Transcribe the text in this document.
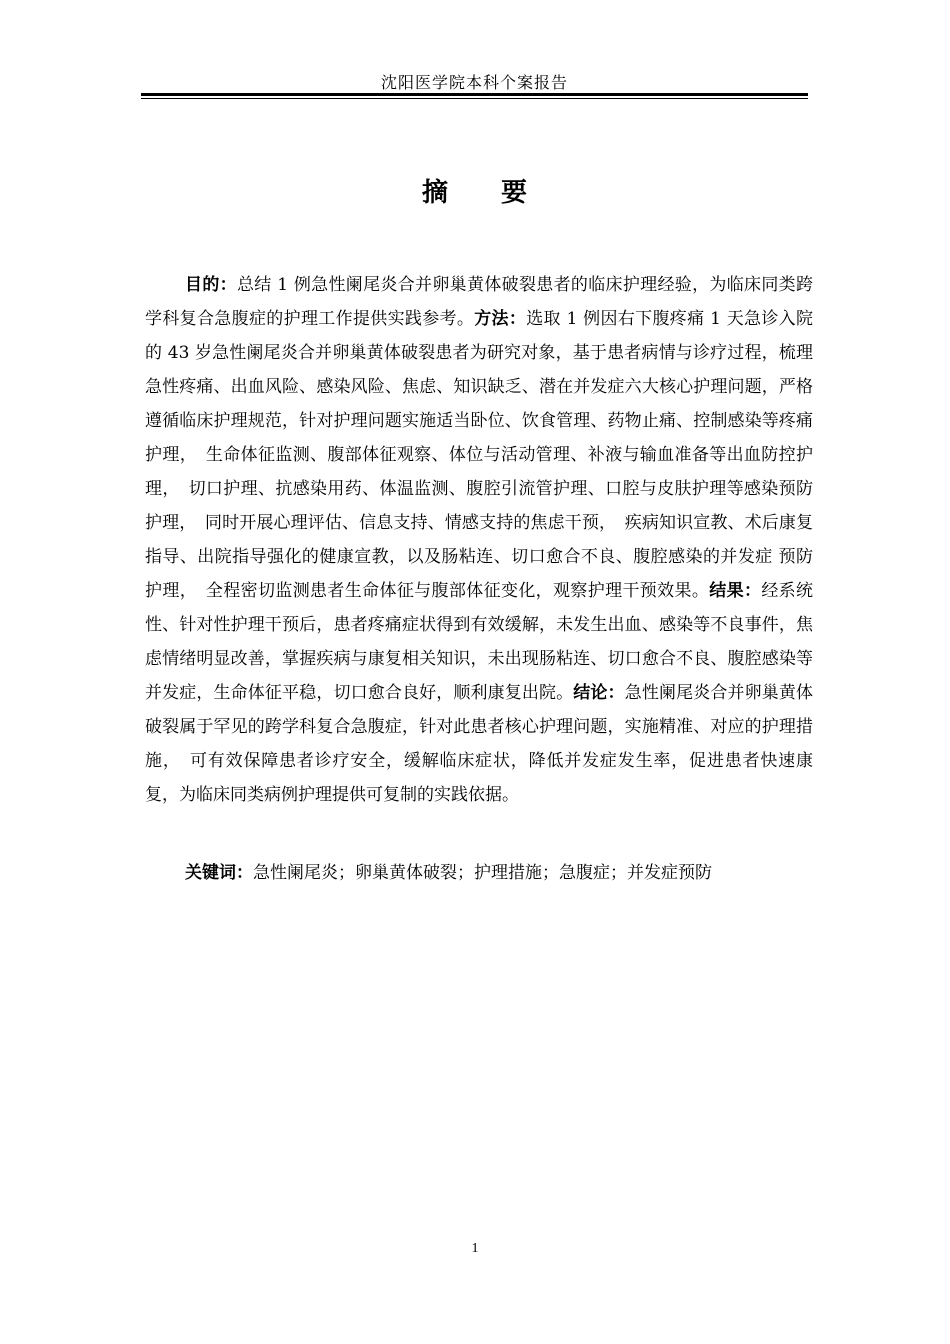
沈阳医学院本科个案报告
摘 要

目的：总结 1 例急性阑尾炎合并卵巢黄体破裂患者的临床护理经验，为临床同类跨学科复合急腹症的护理工作提供实践参考。方法：选取 1 例因右下腹疼痛 1 天急诊入院的 43 岁急性阑尾炎合并卵巢黄体破裂患者为研究对象，基于患者病情与诊疗过程，梳理急性疼痛、出血风险、感染风险、焦虑、知识缺乏、潜在并发症六大核心护理问题，严格遵循临床护理规范，针对护理问题实施适当卧位、饮食管理、药物止痛、控制感染等疼痛护理，　生命体征监测、腹部体征观察、体位与活动管理、补液与输血准备等出血防控护理，　切口护理、抗感染用药、体温监测、腹腔引流管护理、口腔与皮肤护理等感染预防护理，　同时开展心理评估、信息支持、情感支持的焦虑干预，　疾病知识宣教、术后康复指导、出院指导强化的健康宣教，以及肠粘连、切口愈合不良、腹腔感染的并发症 预防护理，　全程密切监测患者生命体征与腹部体征变化，观察护理干预效果。结果：经系统性、针对性护理干预后，患者疼痛症状得到有效缓解，未发生出血、感染等不良事件，焦虑情绪明显改善，掌握疾病与康复相关知识，未出现肠粘连、切口愈合不良、腹腔感染等并发症，生命体征平稳，切口愈合良好，顺利康复出院。结论：急性阑尾炎合并卵巢黄体破裂属于罕见的跨学科复合急腹症，针对此患者核心护理问题，实施精准、对应的护理措施，　可有效保障患者诊疗安全，缓解临床症状，降低并发症发生率，促进患者快速康复，为临床同类病例护理提供可复制的实践依据。

关键词：急性阑尾炎；卵巢黄体破裂；护理措施；急腹症；并发症预防

1
